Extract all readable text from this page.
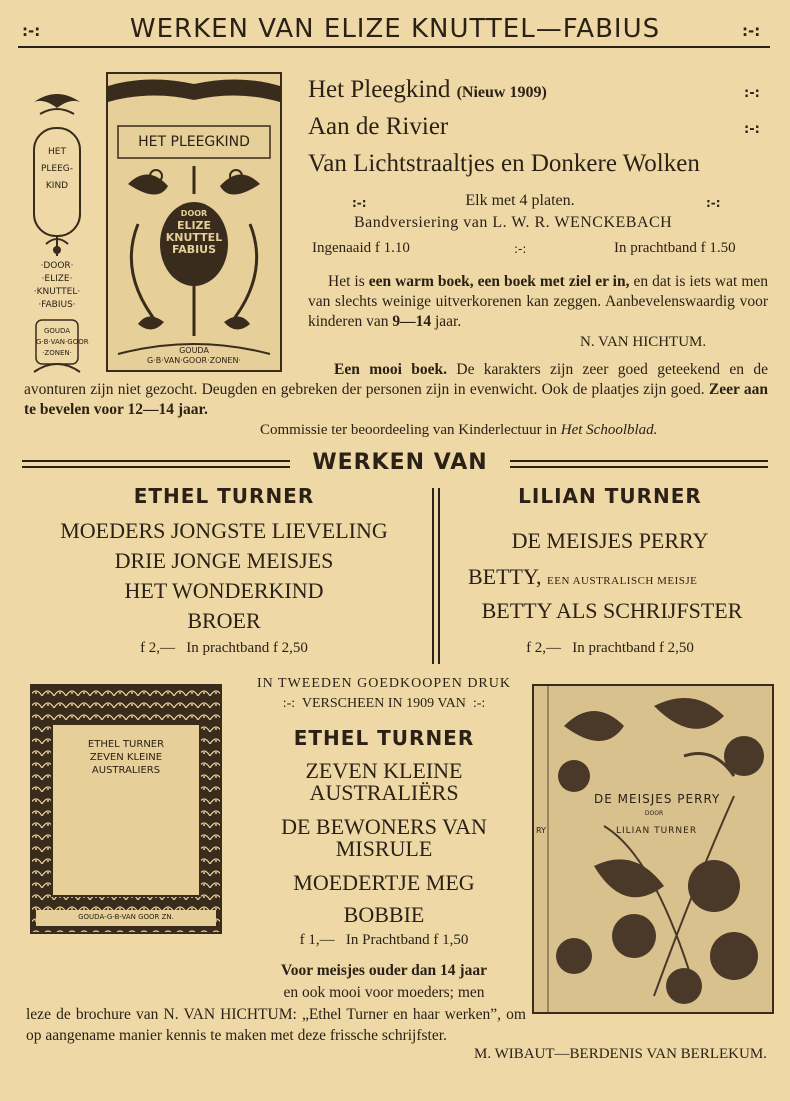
:-:	WERKEN VAN ELIZE KNUTTEL—FABIUS	:-:
HET
PLEEG-
KIND
·DOOR·
·ELIZE·
·KNUTTEL·
·FABIUS·
GOUDA
G·B·VAN·GOOR
·ZONEN·
HET PLEEGKIND
DOOR
ELIZE
KNUTTEL
FABIUS
GOUDA
G·B·VAN·GOOR·ZONEN·
Het Pleegkind (Nieuw 1909)	:-:
Aan de Rivier	:-:
Van Lichtstraaltjes en Donkere Wolken
:-:	Elk met 4 platen.	:-:
Bandversiering van L. W. R. WENCKEBACH
Ingenaaid f 1.10	:-:	In prachtband f 1.50
Het is een warm boek, een boek met ziel er in, en dat is iets wat men van slechts weinige uitverkorenen kan zeggen. Aanbevelenswaardig voor kinderen van 9—14 jaar.
N. VAN HICHTUM.
Een mooi boek. De karakters zijn zeer goed geteekend en de avonturen zijn niet gezocht. Deugden en gebreken der personen zijn in evenwicht. Ook de plaatjes zijn goed. Zeer aan te bevelen voor 12—14 jaar.
Commissie ter beoordeeling van Kinderlectuur in Het Schoolblad.
WERKEN VAN
ETHEL TURNER
MOEDERS JONGSTE LIEVELING
DRIE JONGE MEISJES
HET WONDERKIND
BROER
f 2,—   In prachtband f 2,50
LILIAN TURNER
DE MEISJES PERRY
BETTY, EEN AUSTRALISCH MEISJE
BETTY ALS SCHRIJFSTER
f 2,—   In prachtband f 2,50
ETHEL TURNER
ZEVEN KLEINE
AUSTRALIERS
GOUDA-G-B-VAN GOOR ZN.
IN TWEEDEN GOEDKOOPEN DRUK
:-:  VERSCHEEN IN 1909 VAN  :-:
ETHEL TURNER
ZEVEN KLEINE
AUSTRALIËRS
DE BEWONERS VAN
MISRULE
MOEDERTJE MEG
BOBBIE
f 1,—   In Prachtband f 1,50
Voor meisjes ouder dan 14 jaar
en ook mooi voor moeders; men
DE MEISJES PERRY
DOOR
LILIAN TURNER
RY
leze de brochure van N. VAN HICHTUM: „Ethel Turner en haar werken”, om op aangename manier kennis te maken met deze frissche schrijfster.
M. WIBAUT—BERDENIS VAN BERLEKUM.
